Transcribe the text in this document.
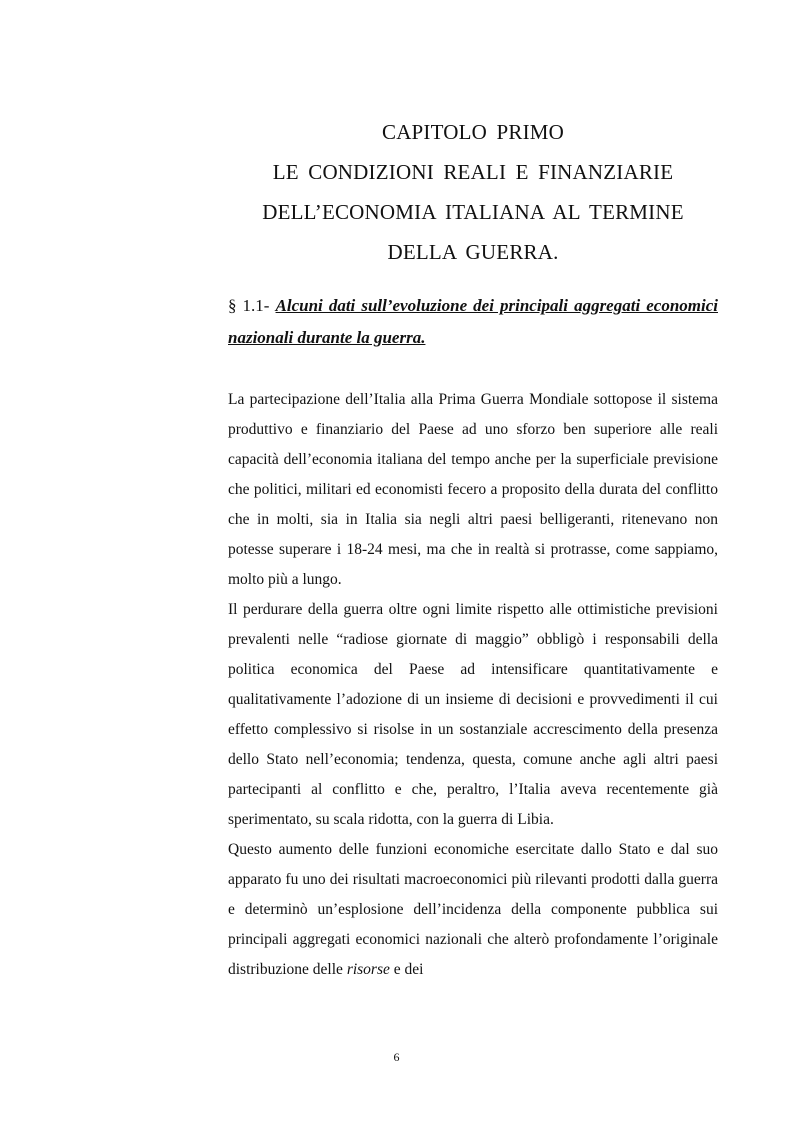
CAPITOLO PRIMO
LE CONDIZIONI REALI E FINANZIARIE
DELL’ECONOMIA ITALIANA AL TERMINE
DELLA GUERRA.
§ 1.1- Alcuni dati sull’evoluzione dei principali aggregati economici nazionali durante la guerra.

La partecipazione dell’Italia alla Prima Guerra Mondiale sottopose il sistema produttivo e finanziario del Paese ad uno sforzo ben superiore alle reali capacità dell’economia italiana del tempo anche per la superficiale previsione che politici, militari ed economisti fecero a proposito della durata del conflitto che in molti, sia in Italia sia negli altri paesi belligeranti, ritenevano non potesse superare i 18-24 mesi, ma che in realtà si protrasse, come sappiamo, molto più a lungo.

Il perdurare della guerra oltre ogni limite rispetto alle ottimistiche previsioni prevalenti nelle “radiose giornate di maggio” obbligò i responsabili della politica economica del Paese ad intensificare quantitativamente e qualitativamente l’adozione di un insieme di decisioni e provvedimenti il cui effetto complessivo si risolse in un sostanziale accrescimento della presenza dello Stato nell’economia; tendenza, questa, comune anche agli altri paesi partecipanti al conflitto e che, peraltro, l’Italia aveva recentemente già sperimentato, su scala ridotta, con la guerra di Libia.

Questo aumento delle funzioni economiche esercitate dallo Stato e dal suo apparato fu uno dei risultati macroeconomici più rilevanti prodotti dalla guerra e determinò un’esplosione dell’incidenza della componente pubblica sui principali aggregati economici nazionali che alterò profondamente l’originale distribuzione delle risorse e dei

6
